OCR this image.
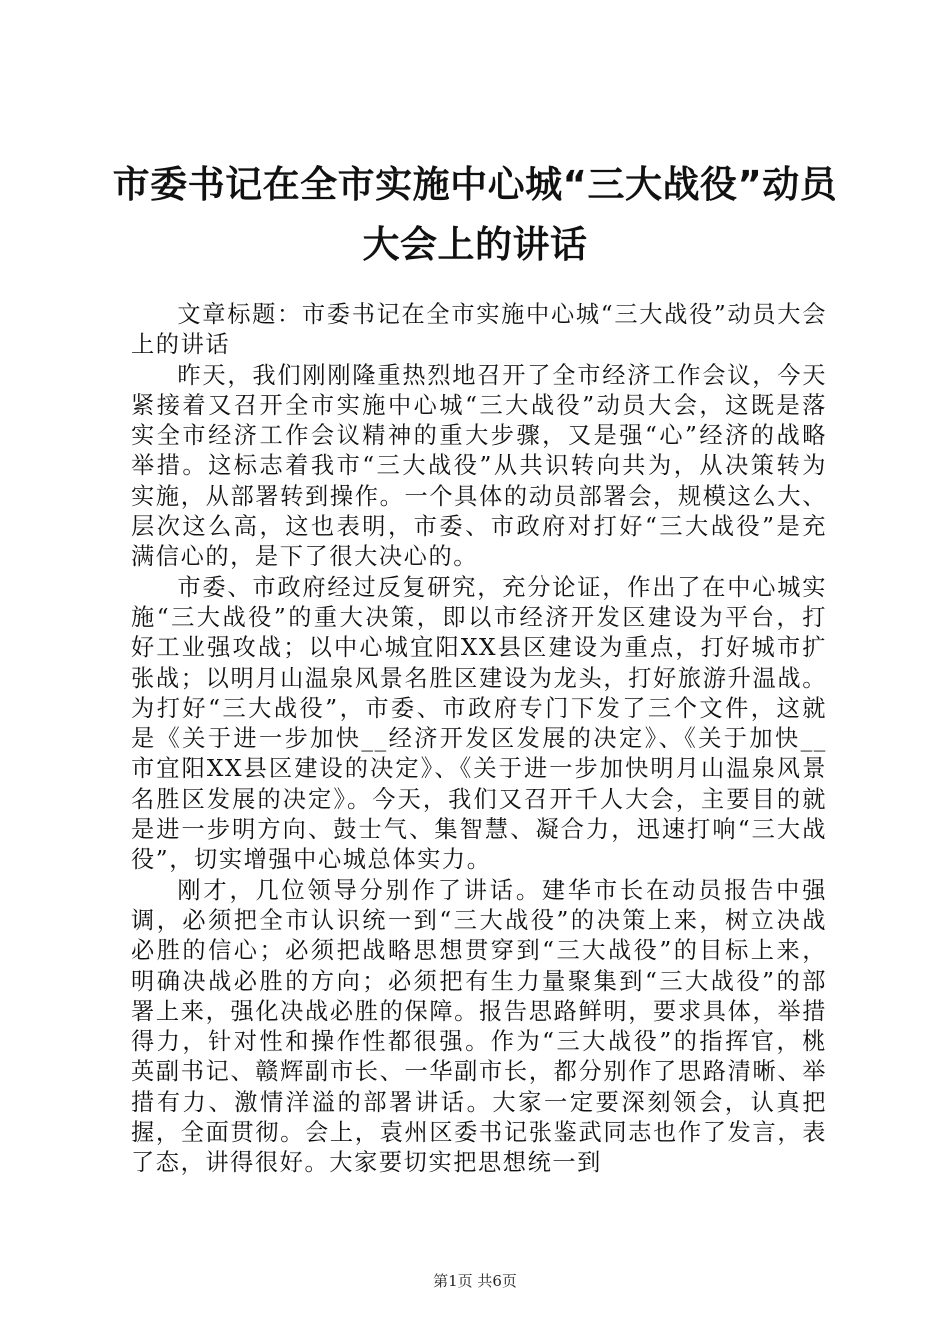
市委书记在全市实施中心城“三大战役”动员
大会上的讲话

文章标题：市委书记在全市实施中心城“三大战役”动员大会上的讲话

昨天，我们刚刚隆重热烈地召开了全市经济工作会议，今天紧接着又召开全市实施中心城“三大战役”动员大会，这既是落实全市经济工作会议精神的重大步骤，又是强“心”经济的战略举措。这标志着我市“三大战役”从共识转向共为，从决策转为实施，从部署转到操作。一个具体的动员部署会，规模这么大、层次这么高，这也表明，市委、市政府对打好“三大战役”是充满信心的，是下了很大决心的。

市委、市政府经过反复研究，充分论证，作出了在中心城实施“三大战役”的重大决策，即以市经济开发区建设为平台，打好工业强攻战；以中心城宜阳XX县区建设为重点，打好城市扩张战；以明月山温泉风景名胜区建设为龙头，打好旅游升温战。为打好“三大战役”，市委、市政府专门下发了三个文件，这就是《关于进一步加快__经济开发区发展的决定》、《关于加快__市宜阳XX县区建设的决定》、《关于进一步加快明月山温泉风景名胜区发展的决定》。今天，我们又召开千人大会，主要目的就是进一步明方向、鼓士气、集智慧、凝合力，迅速打响“三大战役”，切实增强中心城总体实力。

刚才，几位领导分别作了讲话。建华市长在动员报告中强调，必须把全市认识统一到“三大战役”的决策上来，树立决战必胜的信心；必须把战略思想贯穿到“三大战役”的目标上来，明确决战必胜的方向；必须把有生力量聚集到“三大战役”的部署上来，强化决战必胜的保障。报告思路鲜明，要求具体，举措得力，针对性和操作性都很强。作为“三大战役”的指挥官，桃英副书记、赣辉副市长、一华副市长，都分别作了思路清晰、举措有力、激情洋溢的部署讲话。大家一定要深刻领会，认真把握，全面贯彻。会上，袁州区委书记张鉴武同志也作了发言，表了态，讲得很好。大家要切实把思想统一到

第1页 共6页
